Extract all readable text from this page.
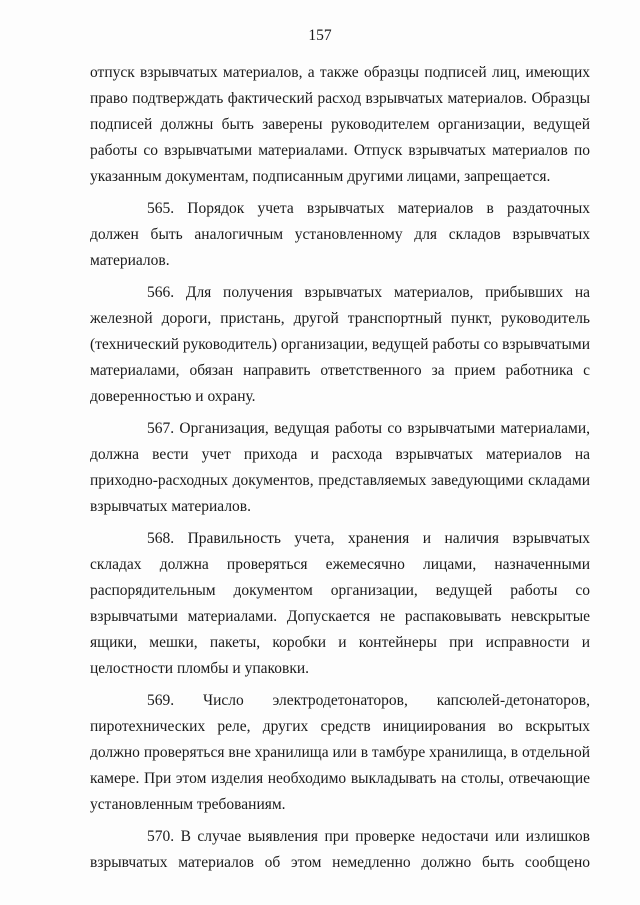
157
отпуск взрывчатых материалов, а также образцы подписей лиц, имеющих
право подтверждать фактический расход взрывчатых материалов. Образцы
подписей должны быть заверены руководителем организации, ведущей
работы со взрывчатыми материалами. Отпуск взрывчатых материалов по
указанным документам, подписанным другими лицами, запрещается.
565. Порядок учета взрывчатых материалов в раздаточных
должен быть аналогичным установленному для складов взрывчатых
материалов.
566. Для получения взрывчатых материалов, прибывших на
железной дороги, пристань, другой транспортный пункт, руководитель
(технический руководитель) организации, ведущей работы со взрывчатыми
материалами, обязан направить ответственного за прием работника с
доверенностью и охрану.
567. Организация, ведущая работы со взрывчатыми материалами,
должна вести учет прихода и расхода взрывчатых материалов на
приходно-расходных документов, представляемых заведующими складами
взрывчатых материалов.
568. Правильность учета, хранения и наличия взрывчатых
складах должна проверяться ежемесячно лицами, назначенными
распорядительным документом организации, ведущей работы со
взрывчатыми материалами. Допускается не распаковывать невскрытые
ящики, мешки, пакеты, коробки и контейнеры при исправности и
целостности пломбы и упаковки.
569. Число электродетонаторов, капсюлей-детонаторов,
пиротехнических реле, других средств инициирования во вскрытых
должно проверяться вне хранилища или в тамбуре хранилища, в отдельной
камере. При этом изделия необходимо выкладывать на столы, отвечающие
установленным требованиям.
570. В случае выявления при проверке недостачи или излишков
взрывчатых материалов об этом немедленно должно быть сообщено
